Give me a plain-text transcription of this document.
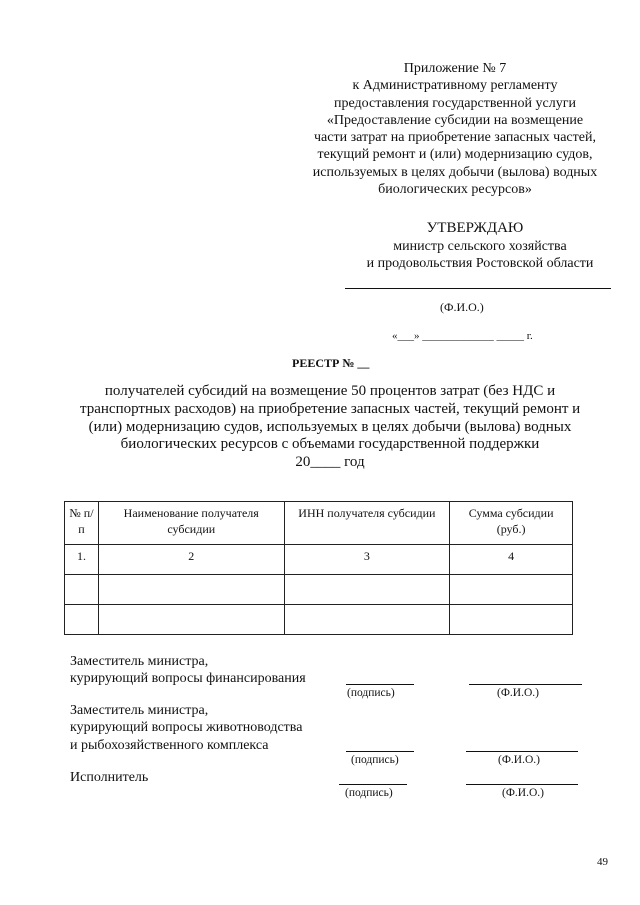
Приложение № 7
к Административному регламенту
предоставления государственной услуги
«Предоставление субсидии на возмещение
части затрат на приобретение запасных частей,
текущий ремонт и (или) модернизацию судов,
используемых в целях добычи (вылова) водных
биологических ресурсов»
УТВЕРЖДАЮ
министр сельского хозяйства
и продовольствия Ростовской области
(Ф.И.О.)
«___» _____________ _____ г.
РЕЕСТР № __
получателей субсидий на возмещение 50 процентов затрат (без НДС и
транспортных расходов) на приобретение запасных частей, текущий ремонт и
(или) модернизацию судов, используемых в целях добычи (вылова) водных
биологических ресурсов с объемами государственной поддержки
20____ год
№ п/п	Наименование получателя субсидии	ИНН получателя субсидии	Сумма субсидии (руб.)
1.	2	3	4

Заместитель министра,
курирующий вопросы финансирования
(подпись)	(Ф.И.О.)
Заместитель министра,
курирующий вопросы животноводства
и рыбохозяйственного комплекса
(подпись)	(Ф.И.О.)
Исполнитель
(подпись)	(Ф.И.О.)
49
